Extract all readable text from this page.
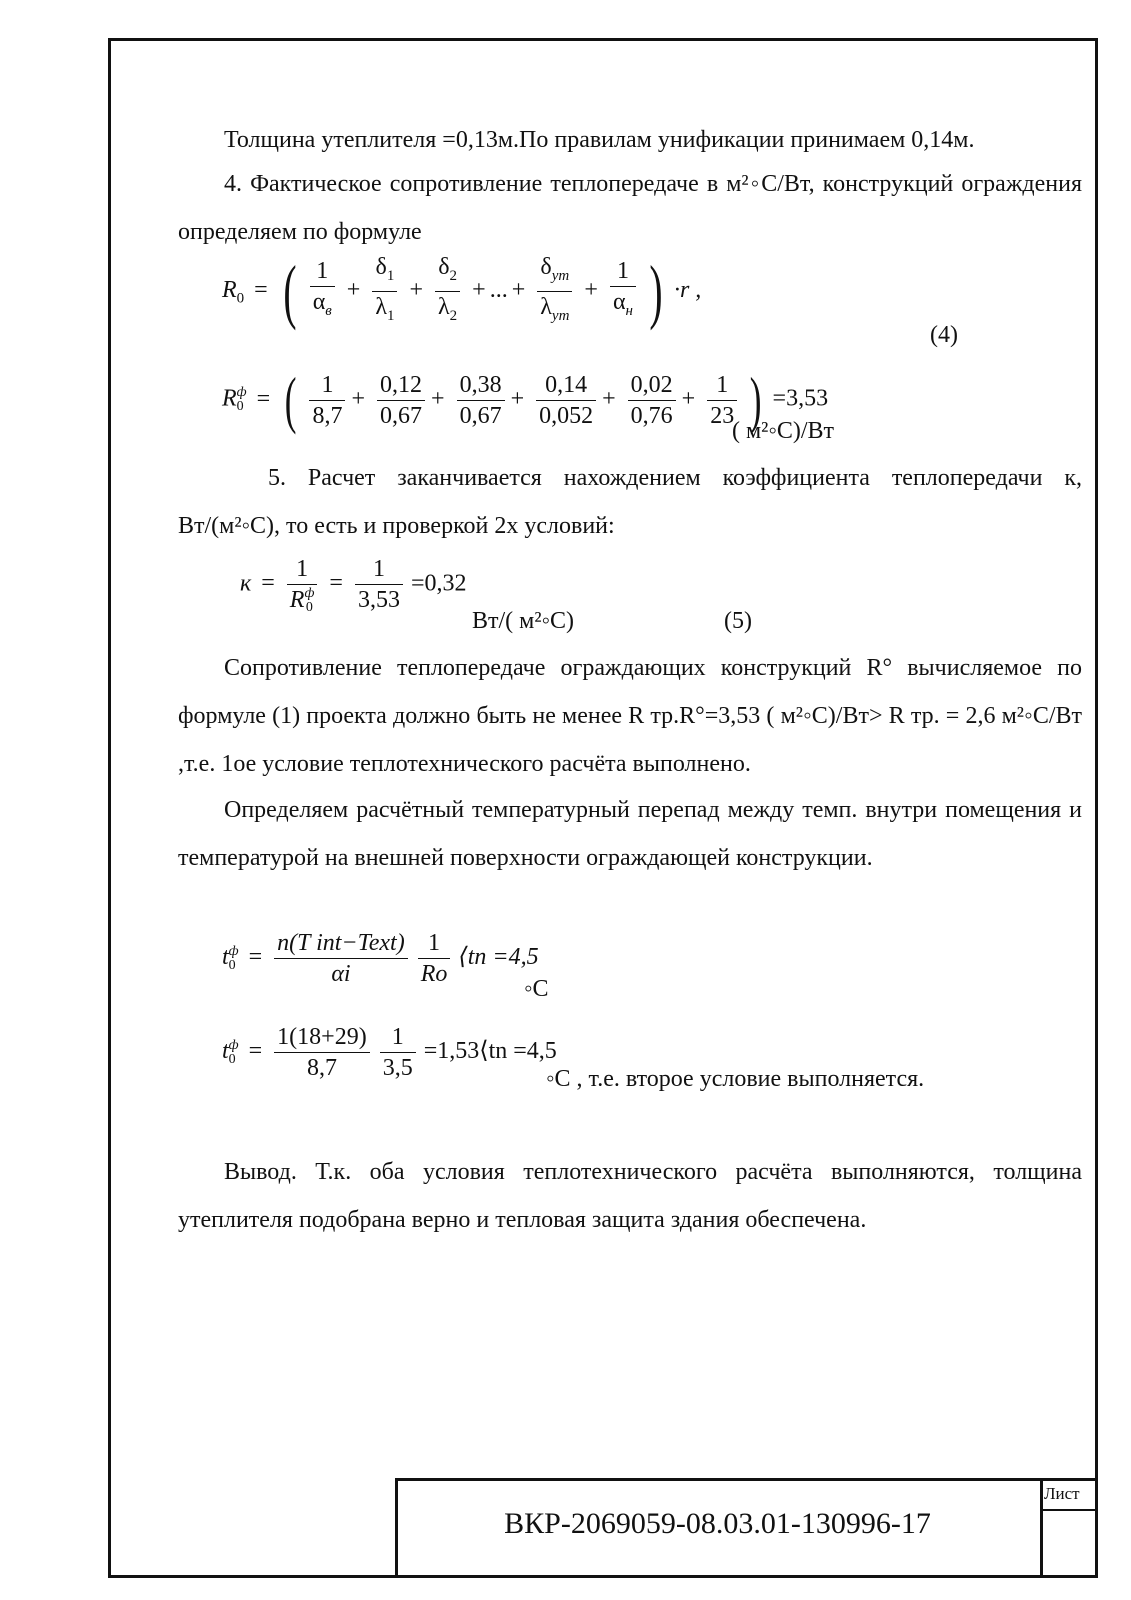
Толщина утеплителя =0,13м.По правилам унификации принимаем 0,14м.

4. Фактическое сопротивление теплопередаче в м²◦С/Вт, конструкций ограждения определяем по формуле

$R_0$ = ( $\frac{1}{\alpha_в} + \frac{\delta_1}{\lambda_1} + \frac{\delta_2}{\lambda_2}$ + ... + $\frac{\delta_{ут}}{\lambda_{ут}} + \frac{1}{\alpha_н}$ ) ·r ,
(4)
R ф
0 = ( $\frac{1}{8,7} + \frac{0,12}{0,67} + \frac{0,38}{0,67} + \frac{0,14}{0,052} + \frac{0,02}{0,76} + \frac{1}{23}$ ) =3,53
( м²◦С)/Вт

5. Расчет заканчивается нахождением коэффициента теплопередачи к, Вт/(м²◦С), то есть и проверкой 2х условий:

к = 1
R ф
$0 = \frac{1}{3,53} =0,32$
Вт/( м²◦С)	(5)

Сопротивление теплопередаче ограждающих конструкций R° вычисляемое по формуле (1) проекта должно быть не менее R тр.R°=3,53 ( м²◦С)/Вт> R тр. = 2,6 м²◦С/Вт ,т.е. 1ое условие теплотехнического расчёта выполнено.

Определяем расчётный температурный перепад между темп. внутри помещения и температурой на внешней поверхности ограждающей конструкции.

t ф
$0 = \frac{\text{n(T int−Text)}}{\alpha i}$
$\frac{1}{Ro}$ ⟨tn =4,5
◦С
t ф
$0 = \frac{1(18+29)}{8,7}$
$\frac{1}{3,5}$ =1,53⟨tn =4,5
◦С , т.е. второе условие выполняется.

Вывод. Т.к. оба условия теплотехнического расчёта выполняются, толщина утеплителя подобрана верно и тепловая защита здания обеспечена.

Лист
ВКР-2069059-08.03.01-130996-17
